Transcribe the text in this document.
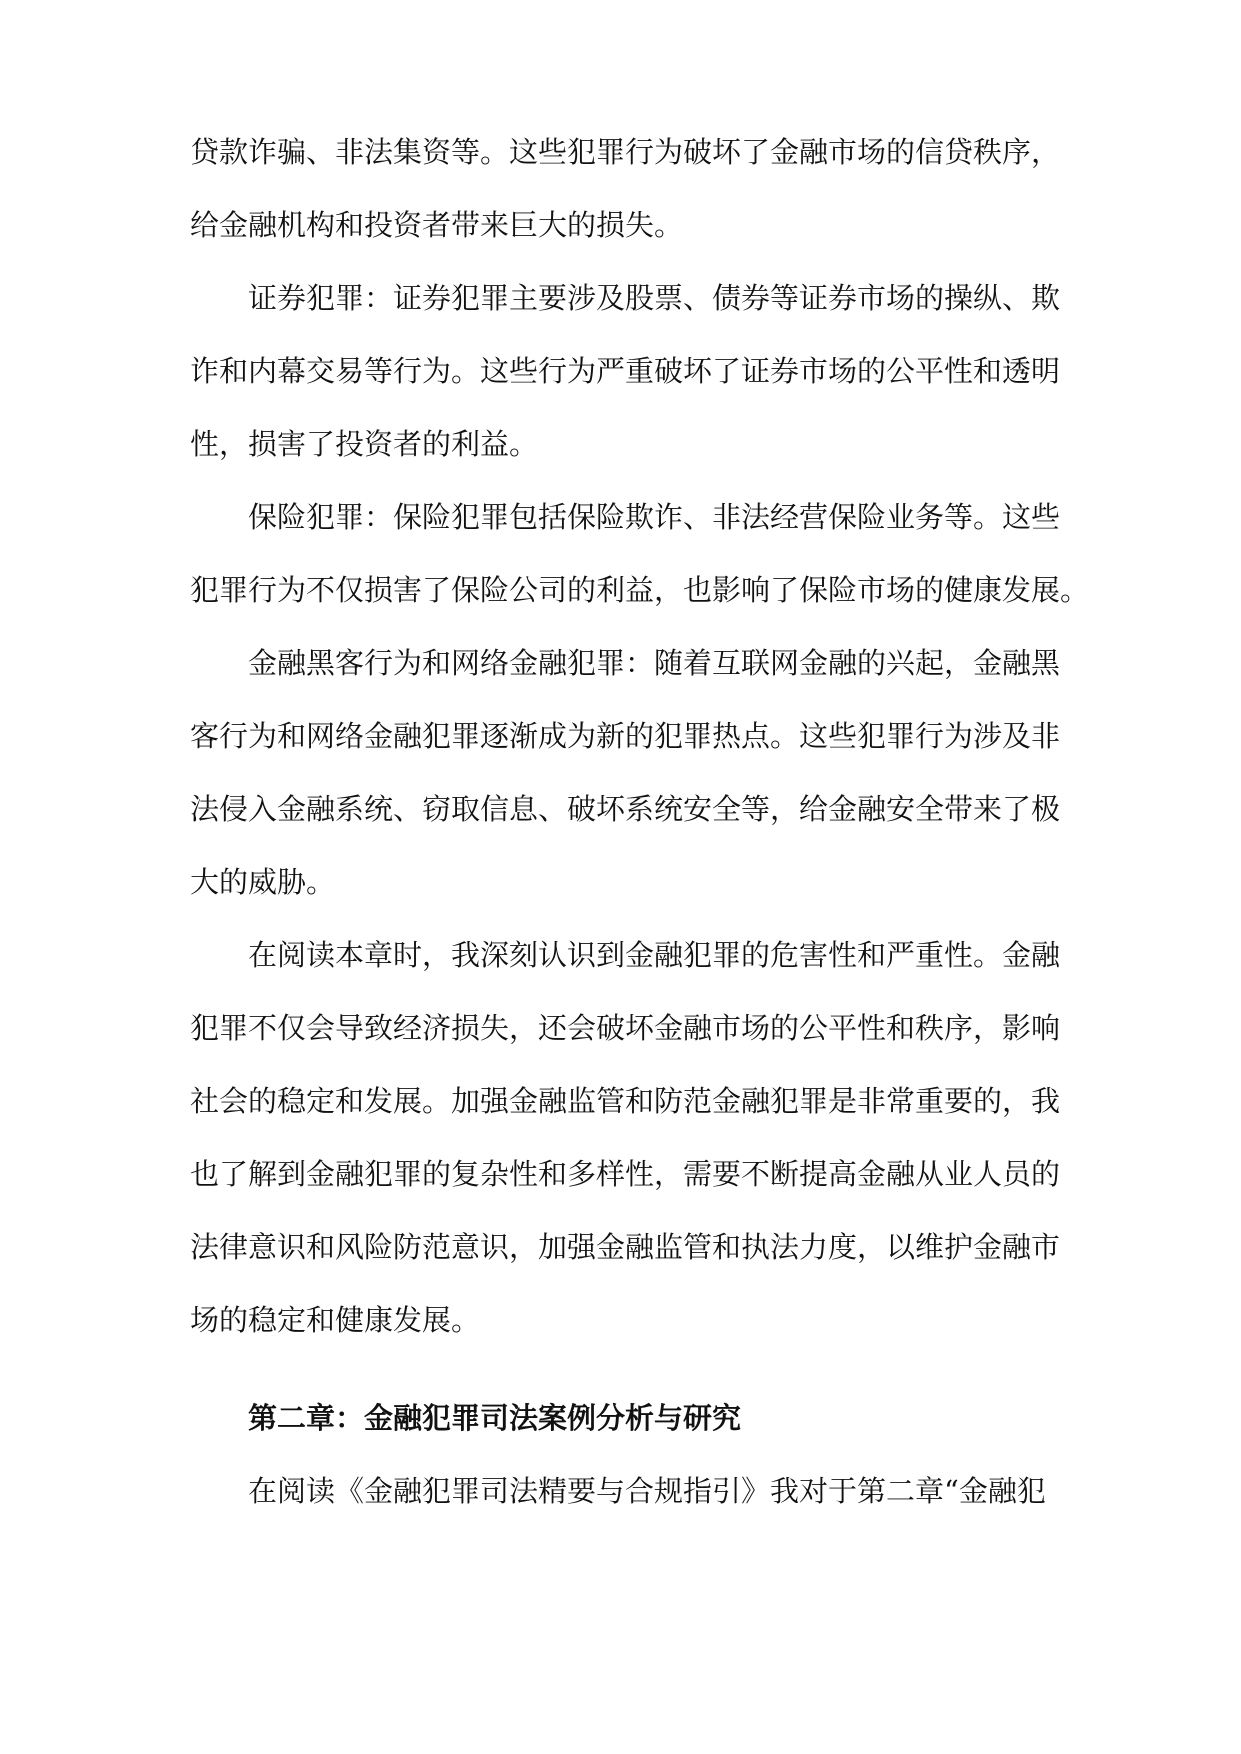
贷款诈骗、非法集资等。这些犯罪行为破坏了金融市场的信贷秩序，
给金融机构和投资者带来巨大的损失。
证券犯罪：证券犯罪主要涉及股票、债券等证券市场的操纵、欺
诈和内幕交易等行为。这些行为严重破坏了证券市场的公平性和透明
性，损害了投资者的利益。
保险犯罪：保险犯罪包括保险欺诈、非法经营保险业务等。这些
犯罪行为不仅损害了保险公司的利益，也影响了保险市场的健康发展。
金融黑客行为和网络金融犯罪：随着互联网金融的兴起，金融黑
客行为和网络金融犯罪逐渐成为新的犯罪热点。这些犯罪行为涉及非
法侵入金融系统、窃取信息、破坏系统安全等，给金融安全带来了极
大的威胁。
在阅读本章时，我深刻认识到金融犯罪的危害性和严重性。金融
犯罪不仅会导致经济损失，还会破坏金融市场的公平性和秩序，影响
社会的稳定和发展。加强金融监管和防范金融犯罪是非常重要的，我
也了解到金融犯罪的复杂性和多样性，需要不断提高金融从业人员的
法律意识和风险防范意识，加强金融监管和执法力度，以维护金融市
场的稳定和健康发展。
第二章：金融犯罪司法案例分析与研究
在阅读《金融犯罪司法精要与合规指引》我对于第二章“金融犯
